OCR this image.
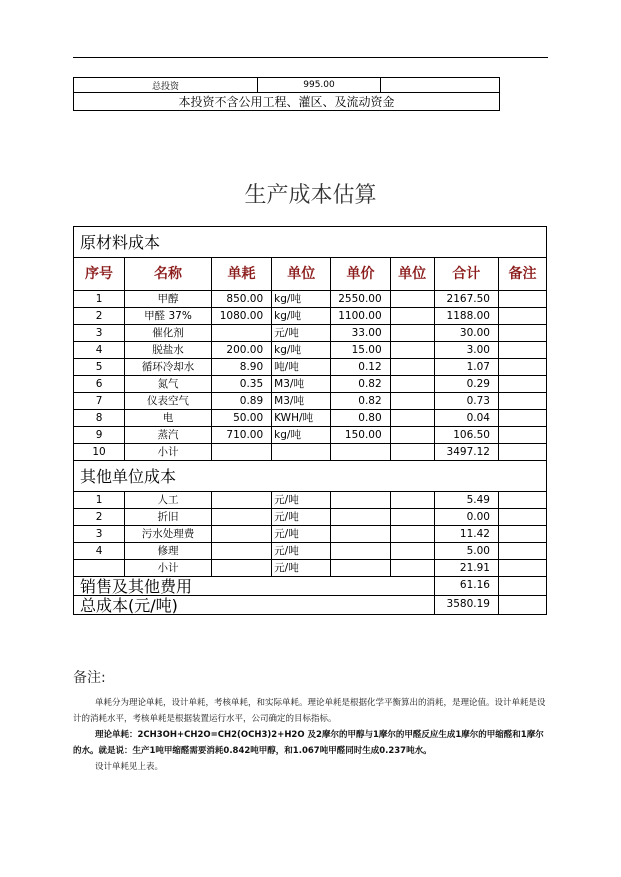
总投资	995.00	
本投资不含公用工程、灌区、及流动资金
生产成本估算
原材料成本							
序号	名称	单耗	单位	单价	单位	合计	备注
1	甲醇	850.00	kg/吨	2550.00		2167.50	
2	甲醛 37%	1080.00	kg/吨	1100.00		1188.00	
3	催化剂		元/吨	33.00		30.00	
4	脱盐水	200.00	kg/吨	15.00		3.00	
5	循环冷却水	8.90	吨/吨	0.12		1.07	
6	氮气	0.35	M3/吨	0.82		0.29	
7	仪表空气	0.89	M3/吨	0.82		0.73	
8	电	50.00	KWH/吨	0.80		0.04	
9	蒸汽	710.00	kg/吨	150.00		106.50	
10	小计					3497.12	
其他单位成本							
1	人工		元/吨			5.49	
2	折旧		元/吨			0.00	
3	污水处理费		元/吨			11.42	
4	修理		元/吨			5.00	
	小计		元/吨			21.91	
销售及其他费用						61.16	
总成本(元/吨)						3580.19	
备注:

单耗分为理论单耗，设计单耗，考核单耗，和实际单耗。理论单耗是根据化学平衡算出的消耗，是理论值。设计单耗是设计的消耗水平，考核单耗是根据装置运行水平，公司确定的目标指标。

理论单耗：2CH3OH+CH2O=CH2(OCH3)2+H2O 及2摩尔的甲醇与1摩尔的甲醛反应生成1摩尔的甲缩醛和1摩尔的水。就是说：生产1吨甲缩醛需要消耗0.842吨甲醇，和1.067吨甲醛同时生成0.237吨水。

设计单耗见上表。
